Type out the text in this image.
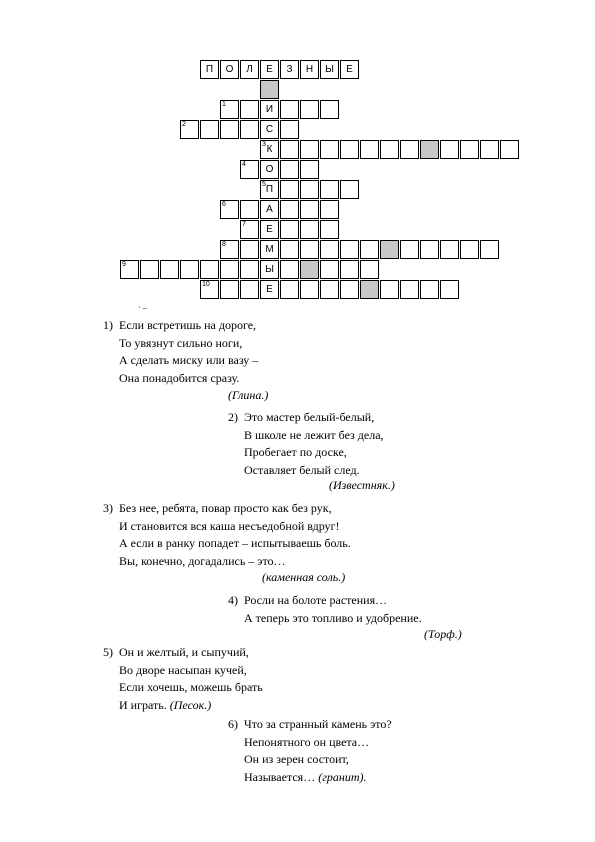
П	О	Л	Е	З	Н	Ы	Е
1	И
2	С
3 К
4	О
5 П
6	А
7	Е
8	М
9	Ы
10	Е
· –
1) Если встретишь на дороге,
То увязнут сильно ноги,
А сделать миску или вазу –
Она понадобится сразу.
(Глина.)
2) Это мастер белый-белый,
В школе не лежит без дела,
Пробегает по доске,
Оставляет белый след.
(Известняк.)
3) Без нее, ребята, повар просто как без рук,
И становится вся каша несъедобной вдруг!
А если в ранку попадет – испытываешь боль.
Вы, конечно, догадались – это…
(каменная соль.)
4) Росли на болоте растения…
А теперь это топливо и удобрение.
(Торф.)
5) Он и желтый, и сыпучий,
Во дворе насыпан кучей,
Если хочешь, можешь брать
И играть. (Песок.)
6) Что за странный камень это?
Непонятного он цвета…
Он из зерен состоит,
Называется… (гранит).
